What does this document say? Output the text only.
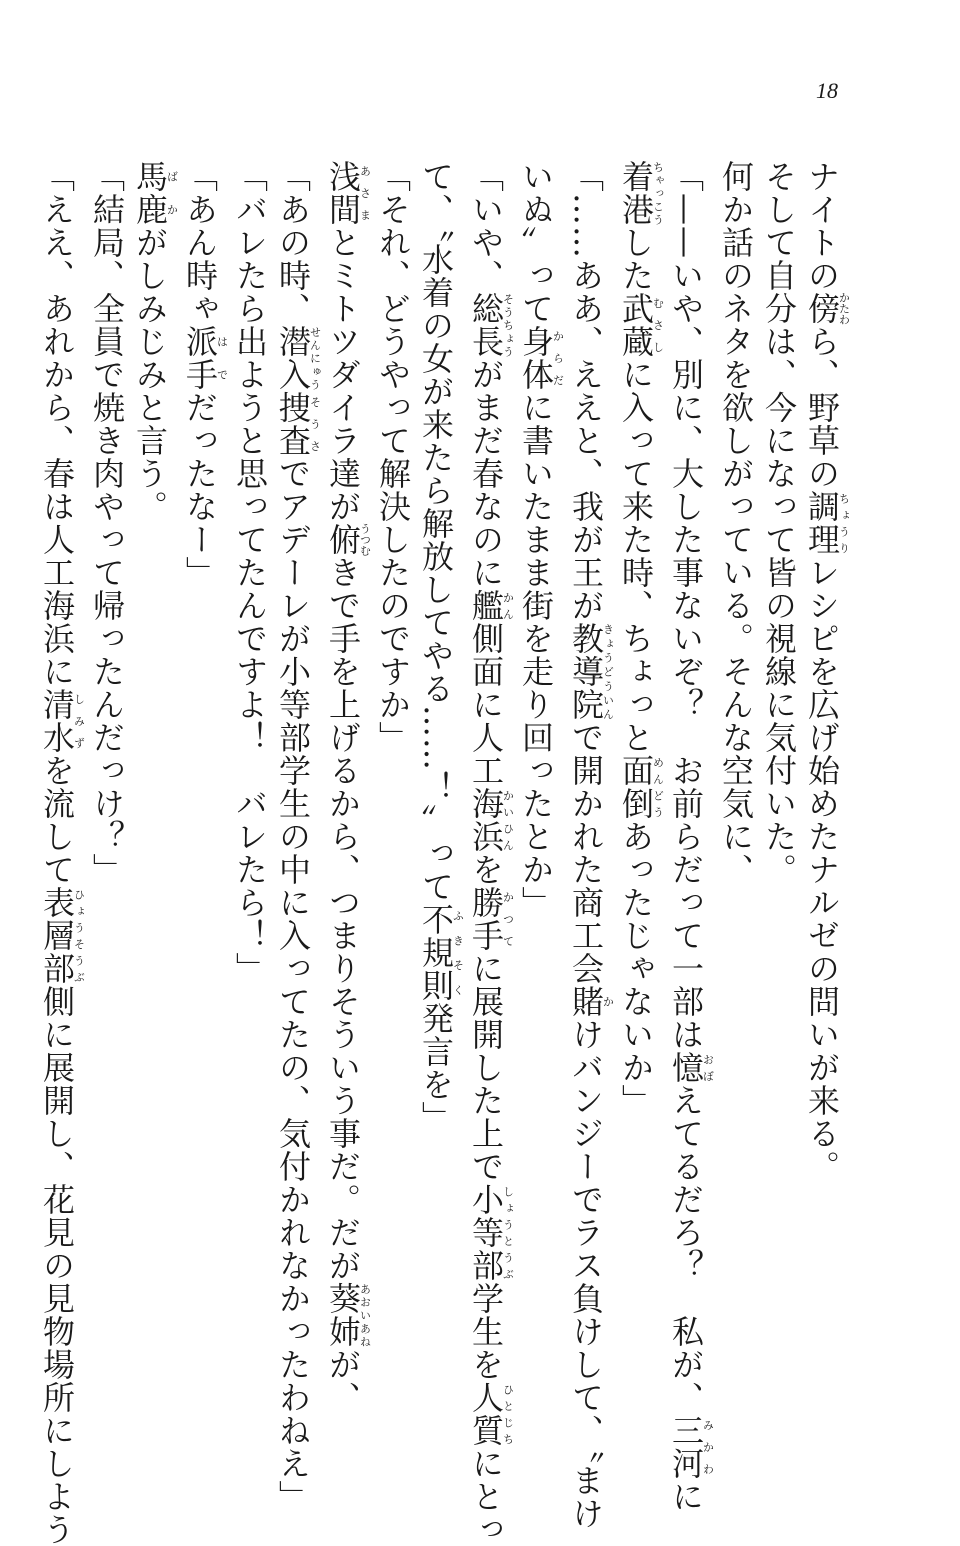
18

ナイトの傍かたわら、野草の調理ちょうりレシピを広げ始めたナルゼの問いが来る。

そして自分は、今になって皆の視線に気付いた。

何か話のネタを欲しがっている。そんな空気に、

「——いや、別に、大した事ないぞ？　お前らだって一部は憶おぼえてるだろ？　私が、三河みかわに

着港ちゃっこうした武蔵むさしに入って来た時、ちょっと面倒めんどうあったじゃないか」

「……ああ、ええと、我が王が教導院きょうどういんで開かれた商工会賭かけバンジーでラス負けして、〝まけ

いぬ〟って身体からだに書いたまま街を走り回ったとか」

「いや、総長そうちょうがまだ春なのに艦かん側面に人工海浜かいひんを勝手かつてに展開した上で小等部しょうとうぶ学生を人質ひとじちにとっ

て、〝水着の女が来たら解放してやる……！〟って不規則ふきそく発言を」

「それ、どうやって解決したのですか」

浅間あさまとミトツダイラ達が俯うつむきで手を上げるから、つまりそういう事だ。だが葵姉あおいあねが、

「あの時、潜入せんにゅう捜査そうさでアデーレが小等部学生の中に入ってたの、気付かれなかったわねえ」

「バレたら出ようと思ってたんですよ！　バレたら！」

「あん時ゃ派手はでだったなー」

馬鹿ばかがしみじみと言う。

「結局、全員で焼き肉やって帰ったんだっけ？」

「ええ、あれから、春は人工海浜に清水しみずを流して表層部ひょうそうぶ側に展開し、花見の見物場所にしよう
